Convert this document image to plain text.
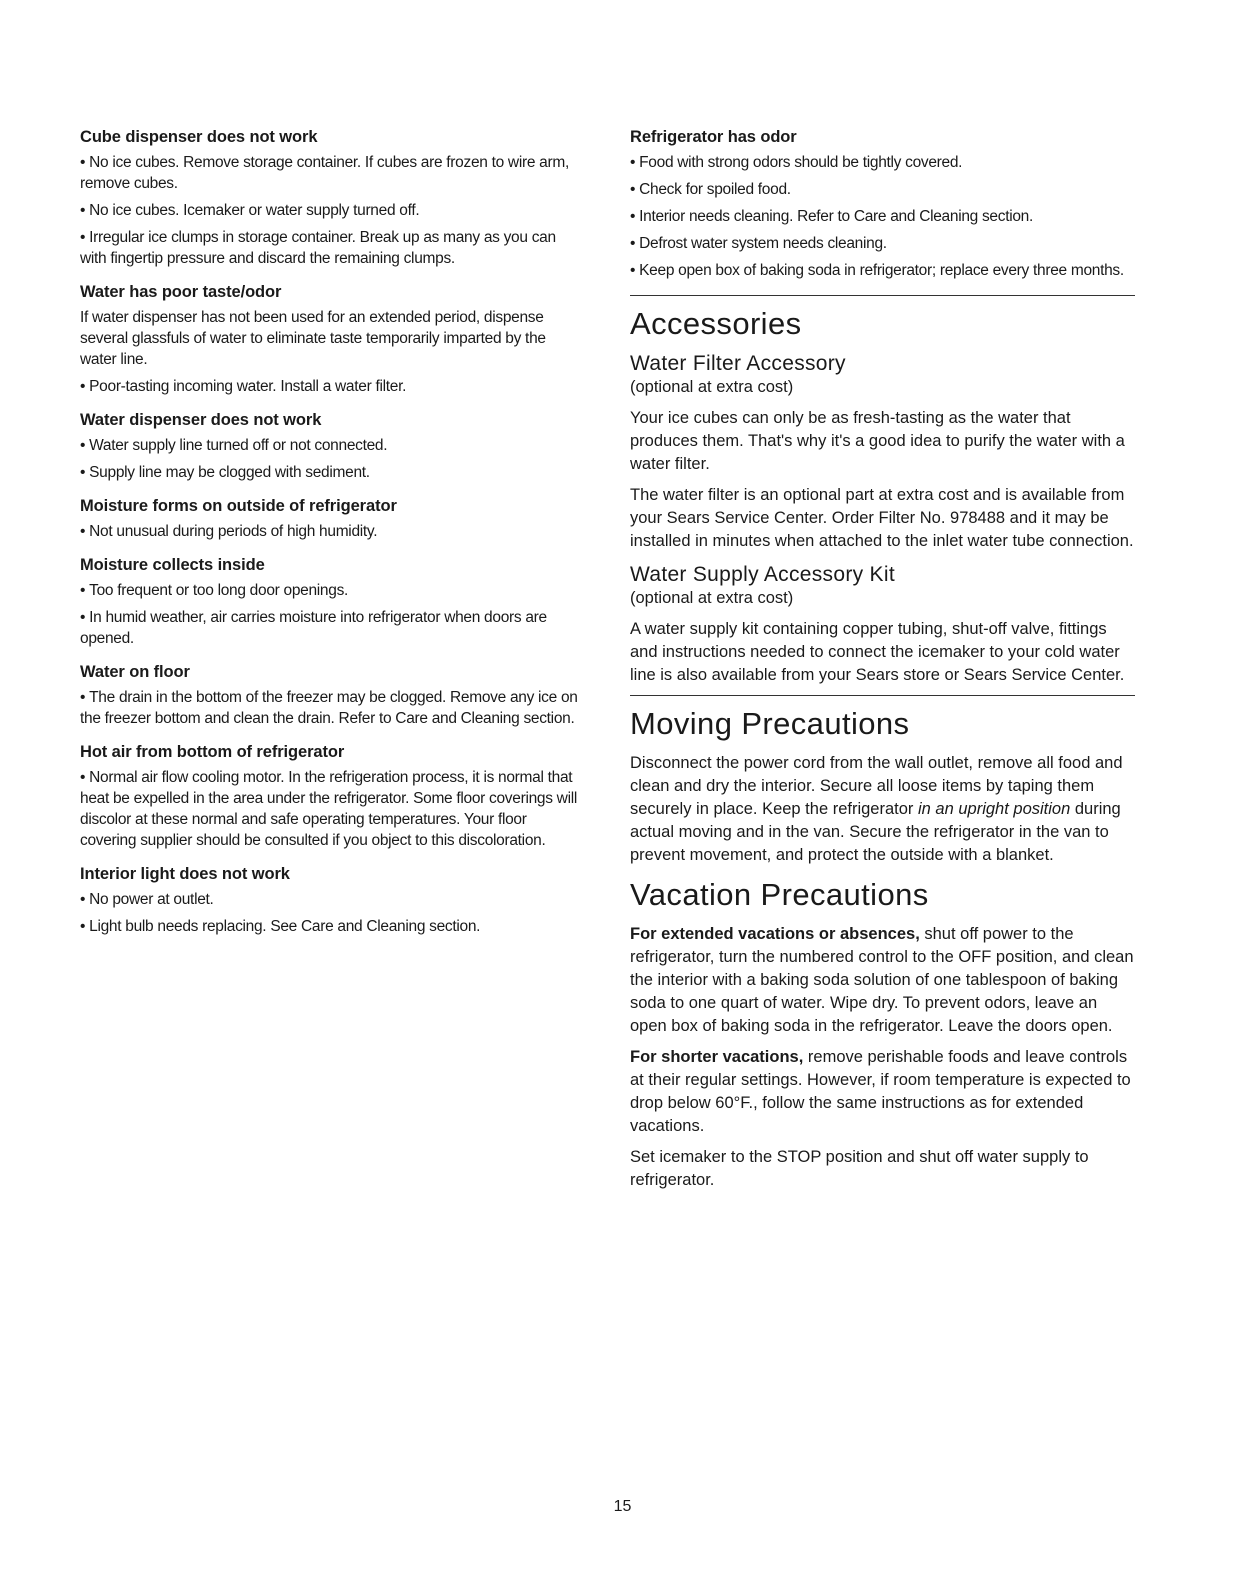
Cube dispenser does not work

• No ice cubes. Remove storage container. If cubes are frozen to wire arm, remove cubes.

• No ice cubes. Icemaker or water supply turned off.

• Irregular ice clumps in storage container. Break up as many as you can with fingertip pressure and discard the remaining clumps.

Water has poor taste/odor

If water dispenser has not been used for an extended period, dispense several glassfuls of water to eliminate taste temporarily imparted by the water line.

• Poor-tasting incoming water. Install a water filter.

Water dispenser does not work

• Water supply line turned off or not connected.

• Supply line may be clogged with sediment.

Moisture forms on outside of refrigerator

• Not unusual during periods of high humidity.

Moisture collects inside

• Too frequent or too long door openings.

• In humid weather, air carries moisture into refrigerator when doors are opened.

Water on floor

• The drain in the bottom of the freezer may be clogged. Remove any ice on the freezer bottom and clean the drain. Refer to Care and Cleaning section.

Hot air from bottom of refrigerator

• Normal air flow cooling motor. In the refrigeration process, it is normal that heat be expelled in the area under the refrigerator. Some floor coverings will discolor at these normal and safe operating temperatures. Your floor covering supplier should be consulted if you object to this discoloration.

Interior light does not work

• No power at outlet.

• Light bulb needs replacing. See Care and Cleaning section.

Refrigerator has odor

• Food with strong odors should be tightly covered.

• Check for spoiled food.

• Interior needs cleaning. Refer to Care and Cleaning section.

• Defrost water system needs cleaning.

• Keep open box of baking soda in refrigerator; replace every three months.

Accessories
Water Filter Accessory

(optional at extra cost)

Your ice cubes can only be as fresh-tasting as the water that produces them. That's why it's a good idea to purify the water with a water filter.

The water filter is an optional part at extra cost and is available from your Sears Service Center. Order Filter No. 978488 and it may be installed in minutes when attached to the inlet water tube connection.

Water Supply Accessory Kit

(optional at extra cost)

A water supply kit containing copper tubing, shut-off valve, fittings and instructions needed to connect the icemaker to your cold water line is also available from your Sears store or Sears Service Center.

Moving Precautions

Disconnect the power cord from the wall outlet, remove all food and clean and dry the interior. Secure all loose items by taping them securely in place. Keep the refrigerator in an upright position during actual moving and in the van. Secure the refrigerator in the van to prevent movement, and protect the outside with a blanket.

Vacation Precautions

For extended vacations or absences, shut off power to the refrigerator, turn the numbered control to the OFF position, and clean the interior with a baking soda solution of one tablespoon of baking soda to one quart of water. Wipe dry. To prevent odors, leave an open box of baking soda in the refrigerator. Leave the doors open.

For shorter vacations, remove perishable foods and leave controls at their regular settings. However, if room temperature is expected to drop below 60°F., follow the same instructions as for extended vacations.

Set icemaker to the STOP position and shut off water supply to refrigerator.

15
